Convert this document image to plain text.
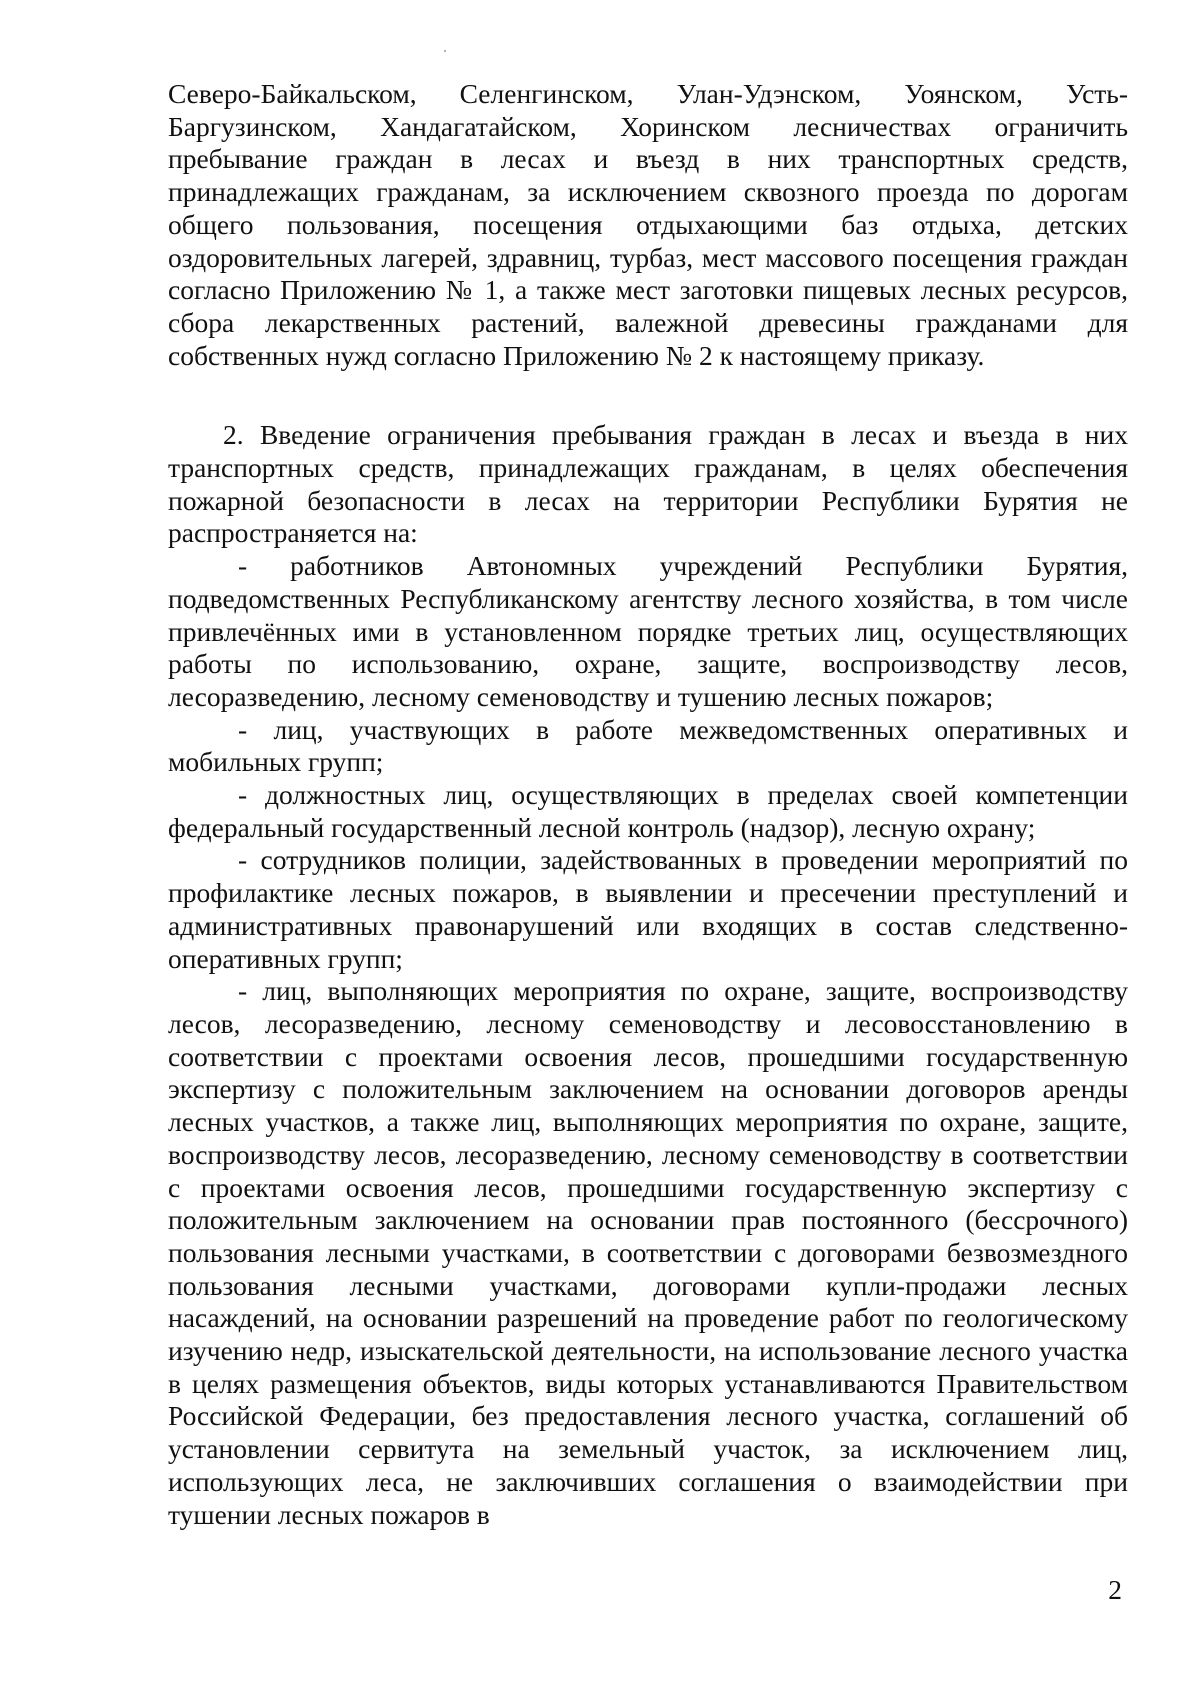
Северо-Байкальском, Селенгинском, Улан-Удэнском, Уоянском, Усть-Баргузинском, Хандагатайском, Хоринском лесничествах ограничить пребывание граждан в лесах и въезд в них транспортных средств, принадлежащих гражданам, за исключением сквозного проезда по дорогам общего пользования, посещения отдыхающими баз отдыха, детских оздоровительных лагерей, здравниц, турбаз, мест массового посещения граждан согласно Приложению № 1, а также мест заготовки пищевых лесных ресурсов, сбора лекарственных растений, валежной древесины гражданами для собственных нужд согласно Приложению № 2 к настоящему приказу.

2. Введение ограничения пребывания граждан в лесах и въезда в них транспортных средств, принадлежащих гражданам, в целях обеспечения пожарной безопасности в лесах на территории Республики Бурятия не распространяется на:

- работников Автономных учреждений Республики Бурятия, подведомственных Республиканскому агентству лесного хозяйства, в том числе привлечённых ими в установленном порядке третьих лиц, осуществляющих работы по использованию, охране, защите, воспроизводству лесов, лесоразведению, лесному семеноводству и тушению лесных пожаров;

- лиц, участвующих в работе межведомственных оперативных и мобильных групп;

- должностных лиц, осуществляющих в пределах своей компетенции федеральный государственный лесной контроль (надзор), лесную охрану;

- сотрудников полиции, задействованных в проведении мероприятий по профилактике лесных пожаров, в выявлении и пресечении преступлений и административных правонарушений или входящих в состав следственно-оперативных групп;

- лиц, выполняющих мероприятия по охране, защите, воспроизводству лесов, лесоразведению, лесному семеноводству и лесовосстановлению в соответствии с проектами освоения лесов, прошедшими государственную экспертизу с положительным заключением на основании договоров аренды лесных участков, а также лиц, выполняющих мероприятия по охране, защите, воспроизводству лесов, лесоразведению, лесному семеноводству в соответствии с проектами освоения лесов, прошедшими государственную экспертизу с положительным заключением на основании прав постоянного (бессрочного) пользования лесными участками, в соответствии с договорами безвозмездного пользования лесными участками, договорами купли-продажи лесных насаждений, на основании разрешений на проведение работ по геологическому изучению недр, изыскательской деятельности, на использование лесного участка в целях размещения объектов, виды которых устанавливаются Правительством Российской Федерации, без предоставления лесного участка, соглашений об установлении сервитута на земельный участок, за исключением лиц, использующих леса, не заключивших соглашения о взаимодействии при тушении лесных пожаров в

2
